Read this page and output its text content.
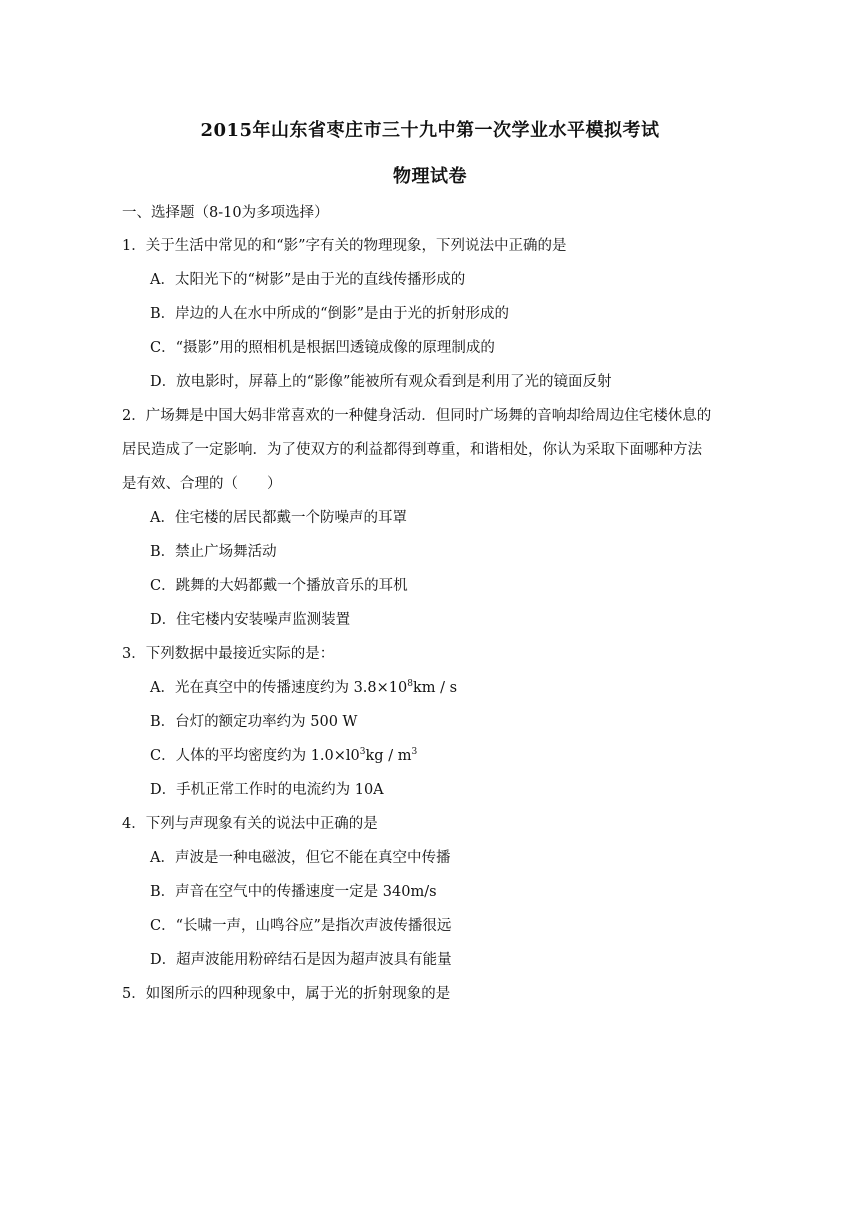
2015年山东省枣庄市三十九中第一次学业水平模拟考试
物理试卷
一、选择题（8-10为多项选择）
1．关于生活中常见的和“影”字有关的物理现象，下列说法中正确的是
A．太阳光下的“树影”是由于光的直线传播形成的
B．岸边的人在水中所成的“倒影”是由于光的折射形成的
C．“摄影”用的照相机是根据凹透镜成像的原理制成的
D．放电影时，屏幕上的“影像”能被所有观众看到是利用了光的镜面反射
2．广场舞是中国大妈非常喜欢的一种健身活动．但同时广场舞的音响却给周边住宅楼休息的
居民造成了一定影响．为了使双方的利益都得到尊重，和谐相处，你认为采取下面哪种方法
是有效、合理的（　　）
A．住宅楼的居民都戴一个防噪声的耳罩
B．禁止广场舞活动
C．跳舞的大妈都戴一个播放音乐的耳机
D．住宅楼内安装噪声监测装置
3．下列数据中最接近实际的是：
A．光在真空中的传播速度约为 $3.8\times 10^8km / s$
B．台灯的额定功率约为 500 W
C．人体的平均密度约为 $1.0\times l0^3kg / m^3$
D．手机正常工作时的电流约为 10A
4．下列与声现象有关的说法中正确的是
A．声波是一种电磁波，但它不能在真空中传播
B．声音在空气中的传播速度一定是 340m/s
C．“长啸一声，山鸣谷应”是指次声波传播很远
D．超声波能用粉碎结石是因为超声波具有能量
5．如图所示的四种现象中，属于光的折射现象的是
